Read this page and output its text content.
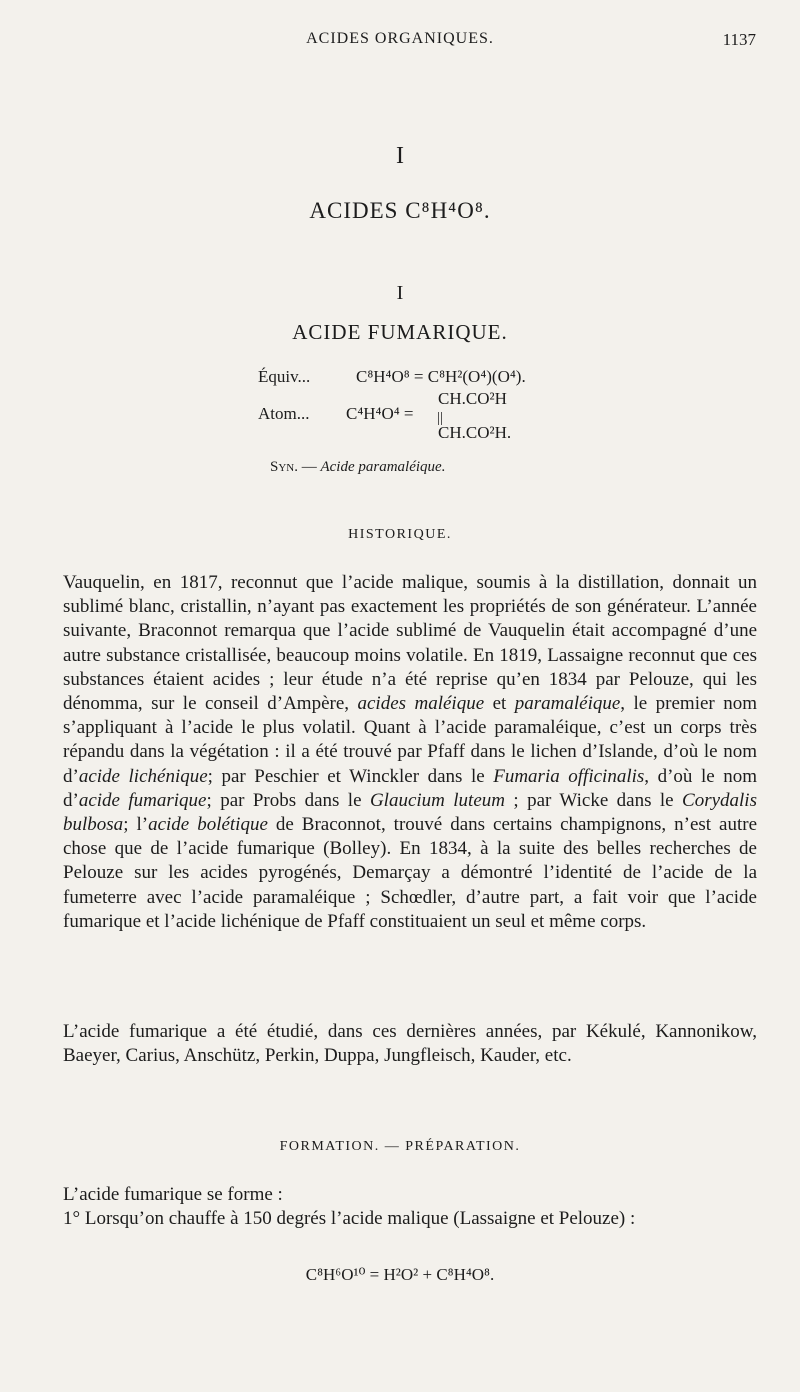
ACIDES ORGANIQUES.	1137
I
ACIDES C⁸H⁴O⁸.
I
ACIDE FUMARIQUE.
Équiv...	C⁸H⁴O⁸ = C⁸H²(O⁴)(O⁴).
CH.CO²H
Atom... C⁴H⁴O⁴ = ||
CH.CO²H.
Syn. — Acide paramaléique.
HISTORIQUE.

Vauquelin, en 1817, reconnut que l’acide malique, soumis à la distillation, donnait un sublimé blanc, cristallin, n’ayant pas exactement les propriétés de son générateur. L’année suivante, Braconnot remarqua que l’acide sublimé de Vauquelin était accompagné d’une autre substance cristallisée, beaucoup moins volatile. En 1819, Lassaigne reconnut que ces substances étaient acides ; leur étude n’a été reprise qu’en 1834 par Pelouze, qui les dénomma, sur le conseil d’Ampère, acides maléique et paramaléique, le premier nom s’appliquant à l’acide le plus volatil. Quant à l’acide paramaléique, c’est un corps très répandu dans la végétation : il a été trouvé par Pfaff dans le lichen d’Islande, d’où le nom d’acide lichénique; par Peschier et Winckler dans le Fumaria officinalis, d’où le nom d’acide fumarique; par Probs dans le Glaucium luteum ; par Wicke dans le Corydalis bulbosa; l’acide bolétique de Braconnot, trouvé dans certains champignons, n’est autre chose que de l’acide fumarique (Bolley). En 1834, à la suite des belles recherches de Pelouze sur les acides pyrogénés, Demarçay a démontré l’identité de l’acide de la fumeterre avec l’acide paramaléique ; Schœdler, d’autre part, a fait voir que l’acide fumarique et l’acide lichénique de Pfaff constituaient un seul et même corps.

L’acide fumarique a été étudié, dans ces dernières années, par Kékulé, Kannonikow, Baeyer, Carius, Anschütz, Perkin, Duppa, Jungfleisch, Kauder, etc.

FORMATION. — PRÉPARATION.

L’acide fumarique se forme :

1° Lorsqu’on chauffe à 150 degrés l’acide malique (Lassaigne et Pelouze) :

C⁸H⁶O¹⁰ = H²O² + C⁸H⁴O⁸.
